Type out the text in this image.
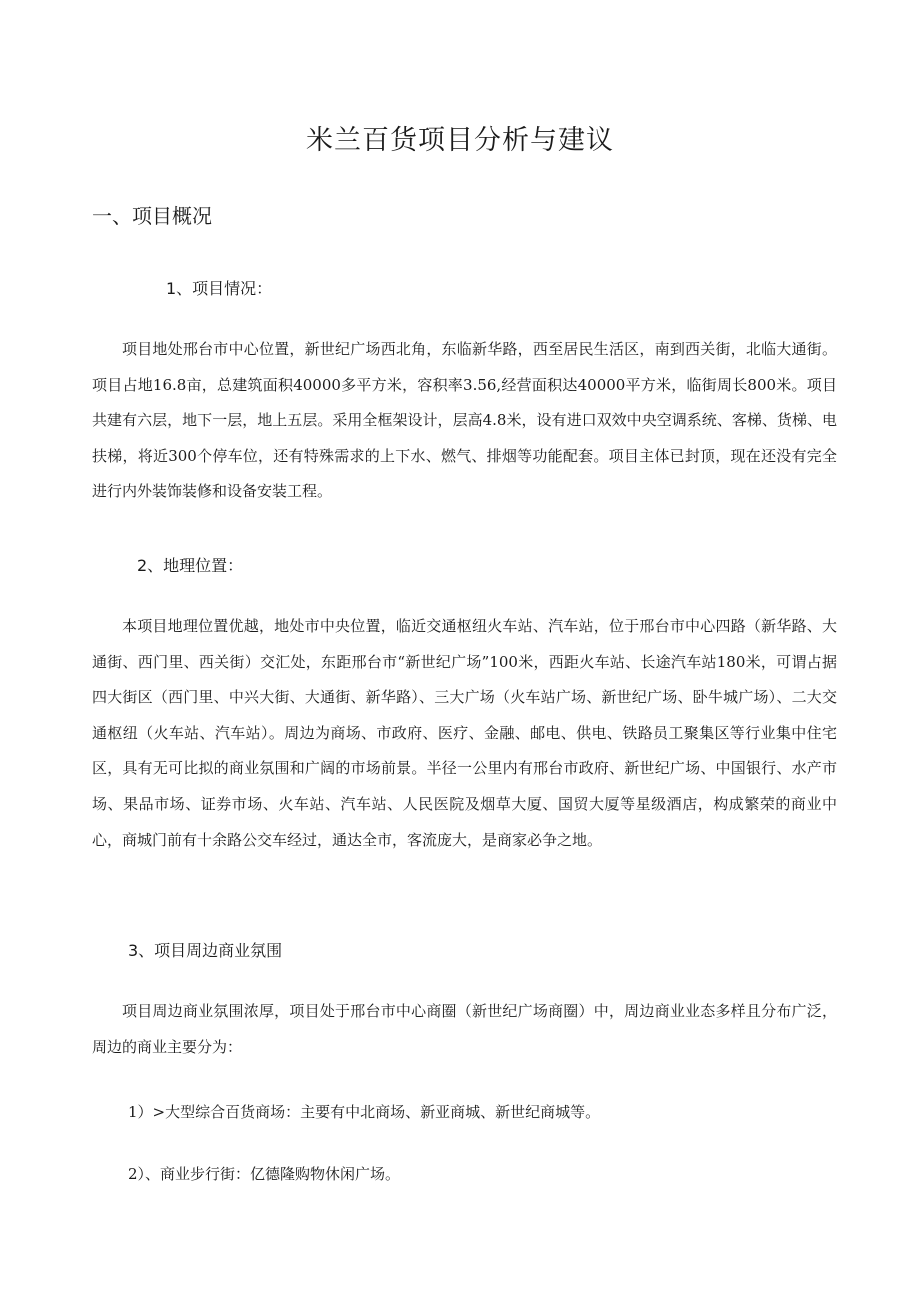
米兰百货项目分析与建议
一、项目概况
1、项目情况：

项目地处邢台市中心位置，新世纪广场西北角，东临新华路，西至居民生活区，南到西关街，北临大通街。项目占地16.8亩，总建筑面积40000多平方米，容积率3.56,经营面积达40000平方米，临街周长800米。项目共建有六层，地下一层，地上五层。采用全框架设计，层高4.8米，设有进口双效中央空调系统、客梯、货梯、电扶梯，将近300个停车位，还有特殊需求的上下水、燃气、排烟等功能配套。项目主体已封顶，现在还没有完全进行内外装饰装修和设备安装工程。

2、地理位置：

本项目地理位置优越，地处市中央位置，临近交通枢纽火车站、汽车站，位于邢台市中心四路（新华路、大通街、西门里、西关街）交汇处，东距邢台市“新世纪广场”100米，西距火车站、长途汽车站180米，可谓占据四大街区（西门里、中兴大街、大通街、新华路）、三大广场（火车站广场、新世纪广场、卧牛城广场）、二大交通枢纽（火车站、汽车站）。周边为商场、市政府、医疗、金融、邮电、供电、铁路员工聚集区等行业集中住宅区，具有无可比拟的商业氛围和广阔的市场前景。半径一公里内有邢台市政府、新世纪广场、中国银行、水产市场、果品市场、证券市场、火车站、汽车站、人民医院及烟草大厦、国贸大厦等星级酒店，构成繁荣的商业中心，商城门前有十余路公交车经过，通达全市，客流庞大，是商家必争之地。

3、项目周边商业氛围

项目周边商业氛围浓厚，项目处于邢台市中心商圈（新世纪广场商圈）中，周边商业业态多样且分布广泛，周边的商业主要分为：

1）>大型综合百货商场：主要有中北商场、新亚商城、新世纪商城等。
2）、商业步行街：亿德隆购物休闲广场。
